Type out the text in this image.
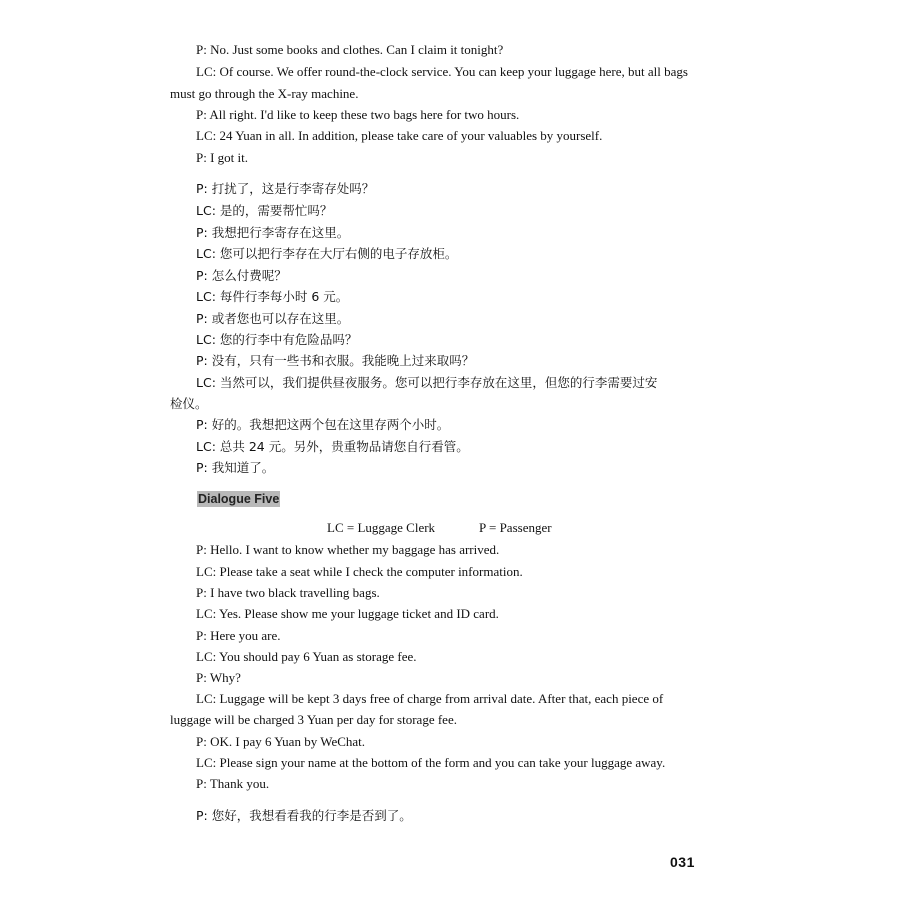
P: No. Just some books and clothes. Can I claim it tonight?
LC: Of course. We offer round-the-clock service. You can keep your luggage here, but all bags
must go through the X-ray machine.
P: All right. I'd like to keep these two bags here for two hours.
LC: 24 Yuan in all. In addition, please take care of your valuables by yourself.
P: I got it.
P: 打扰了，这是行李寄存处吗？
LC: 是的，需要帮忙吗？
P: 我想把行李寄存在这里。
LC: 您可以把行李存在大厅右侧的电子存放柜。
P: 怎么付费呢？
LC: 每件行李每小时 6 元。
P: 或者您也可以存在这里。
LC: 您的行李中有危险品吗？
P: 没有，只有一些书和衣服。我能晚上过来取吗？
LC: 当然可以，我们提供昼夜服务。您可以把行李存放在这里，但您的行李需要过安
检仪。
P: 好的。我想把这两个包在这里存两个小时。
LC: 总共 24 元。另外，贵重物品请您自行看管。
P: 我知道了。
Dialogue Five
LC = Luggage Clerk	P = Passenger
P: Hello. I want to know whether my baggage has arrived.
LC: Please take a seat while I check the computer information.
P: I have two black travelling bags.
LC: Yes. Please show me your luggage ticket and ID card.
P: Here you are.
LC: You should pay 6 Yuan as storage fee.
P: Why?
LC: Luggage will be kept 3 days free of charge from arrival date. After that, each piece of
luggage will be charged 3 Yuan per day for storage fee.
P: OK. I pay 6 Yuan by WeChat.
LC: Please sign your name at the bottom of the form and you can take your luggage away.
P: Thank you.
P: 您好，我想看看我的行李是否到了。
031
